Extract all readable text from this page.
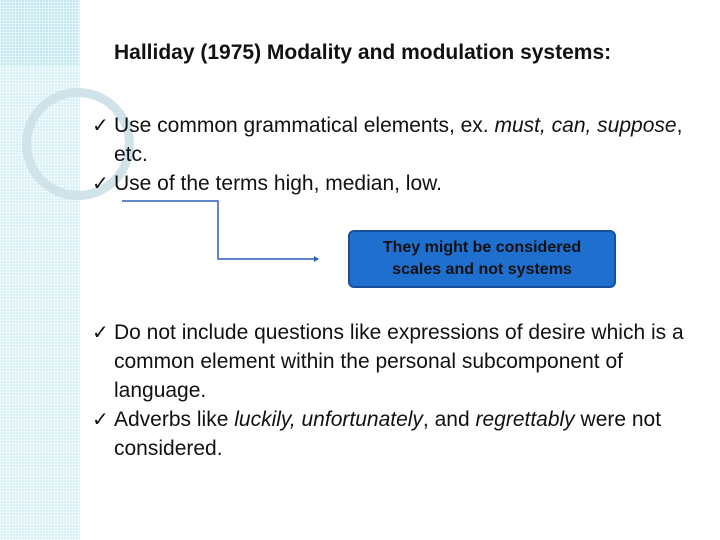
Halliday (1975) Modality and modulation systems:
✓ Use common grammatical elements, ex. must, can, suppose, etc.
✓ Use of the terms high, median, low.
They might be considered
scales and not systems
✓ Do not include questions like expressions of desire which is a common element within the personal subcomponent of language.
✓ Adverbs like luckily, unfortunately, and regrettably were not considered.
